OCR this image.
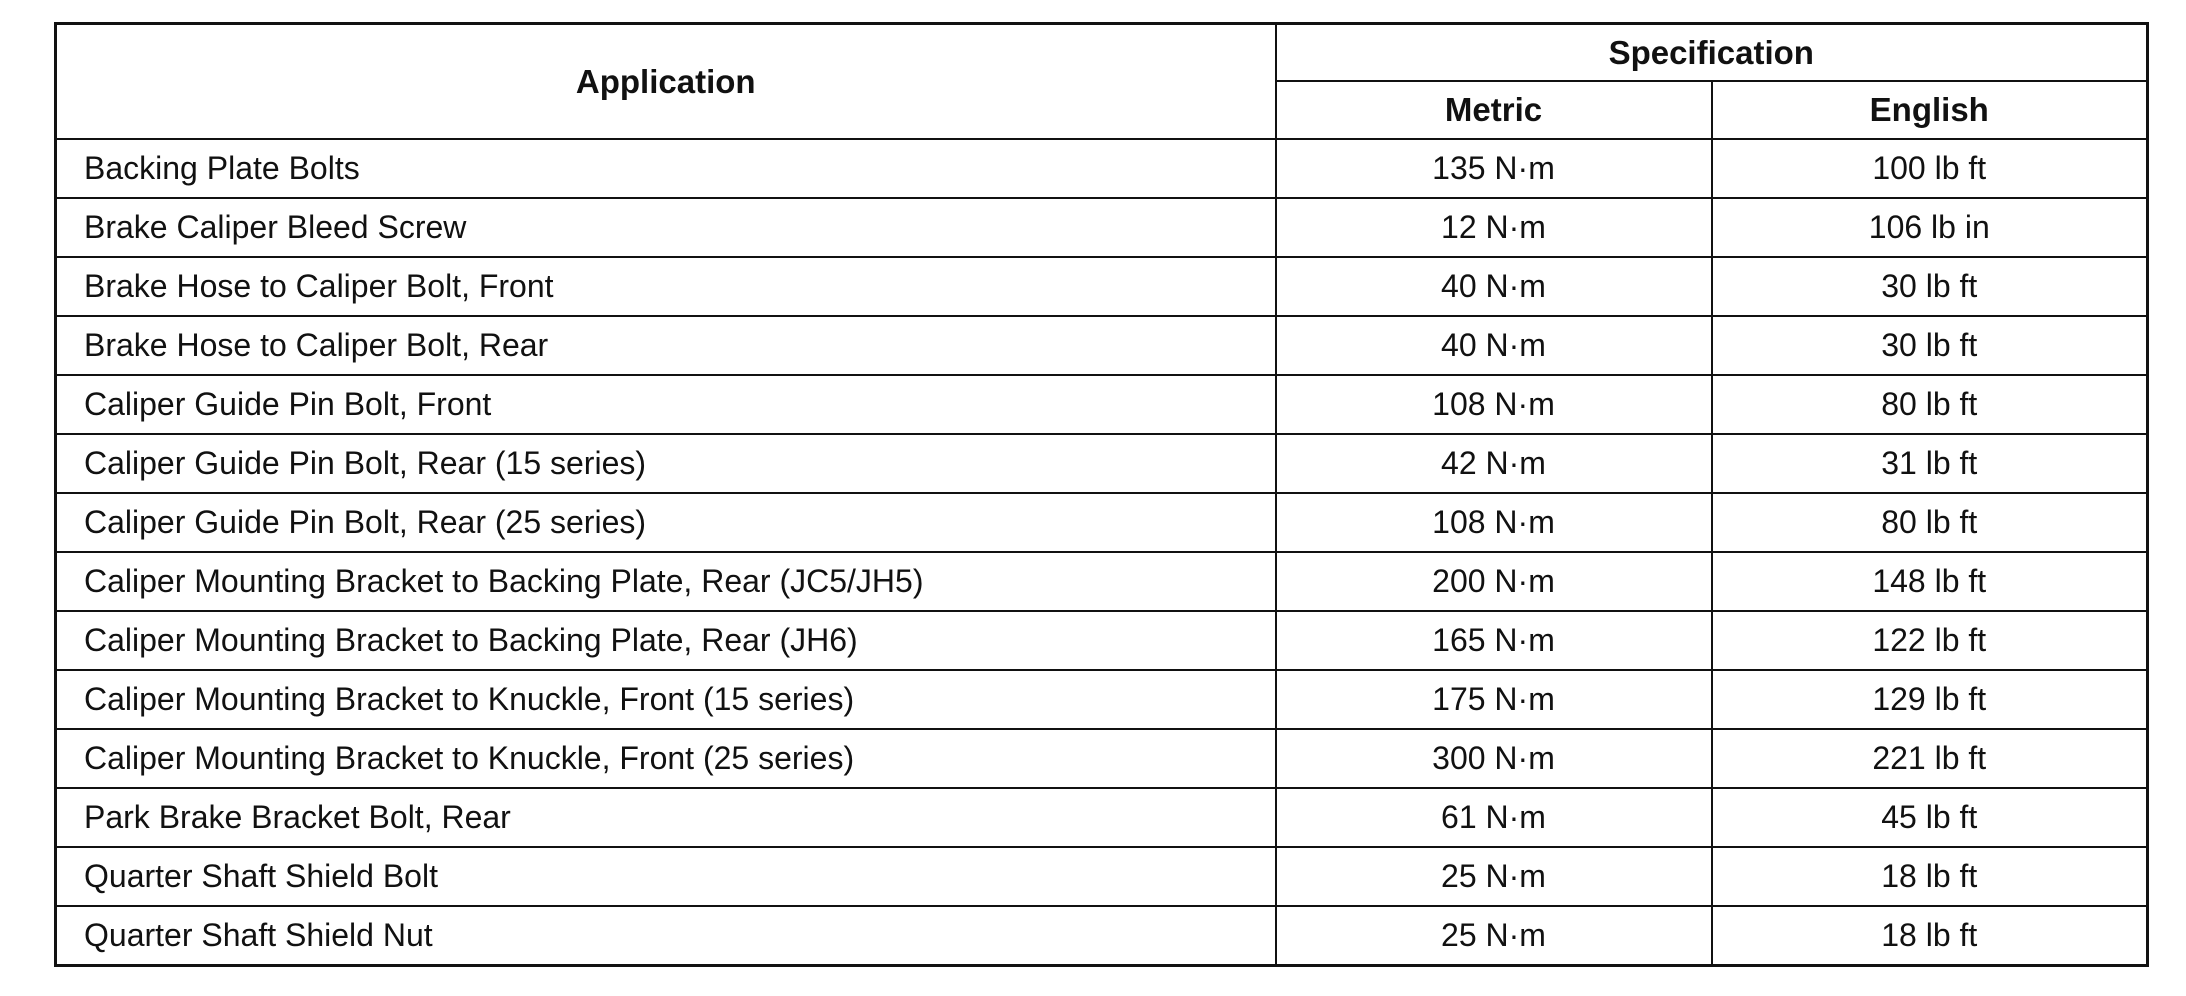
Application	Specification	
	Metric	English
Backing Plate Bolts	135 N·m	100 lb ft
Brake Caliper Bleed Screw	12 N·m	106 lb in
Brake Hose to Caliper Bolt, Front	40 N·m	30 lb ft
Brake Hose to Caliper Bolt, Rear	40 N·m	30 lb ft
Caliper Guide Pin Bolt, Front	108 N·m	80 lb ft
Caliper Guide Pin Bolt, Rear (15 series)	42 N·m	31 lb ft
Caliper Guide Pin Bolt, Rear (25 series)	108 N·m	80 lb ft
Caliper Mounting Bracket to Backing Plate, Rear (JC5/JH5)	200 N·m	148 lb ft
Caliper Mounting Bracket to Backing Plate, Rear (JH6)	165 N·m	122 lb ft
Caliper Mounting Bracket to Knuckle, Front (15 series)	175 N·m	129 lb ft
Caliper Mounting Bracket to Knuckle, Front (25 series)	300 N·m	221 lb ft
Park Brake Bracket Bolt, Rear	61 N·m	45 lb ft
Quarter Shaft Shield Bolt	25 N·m	18 lb ft
Quarter Shaft Shield Nut	25 N·m	18 lb ft
